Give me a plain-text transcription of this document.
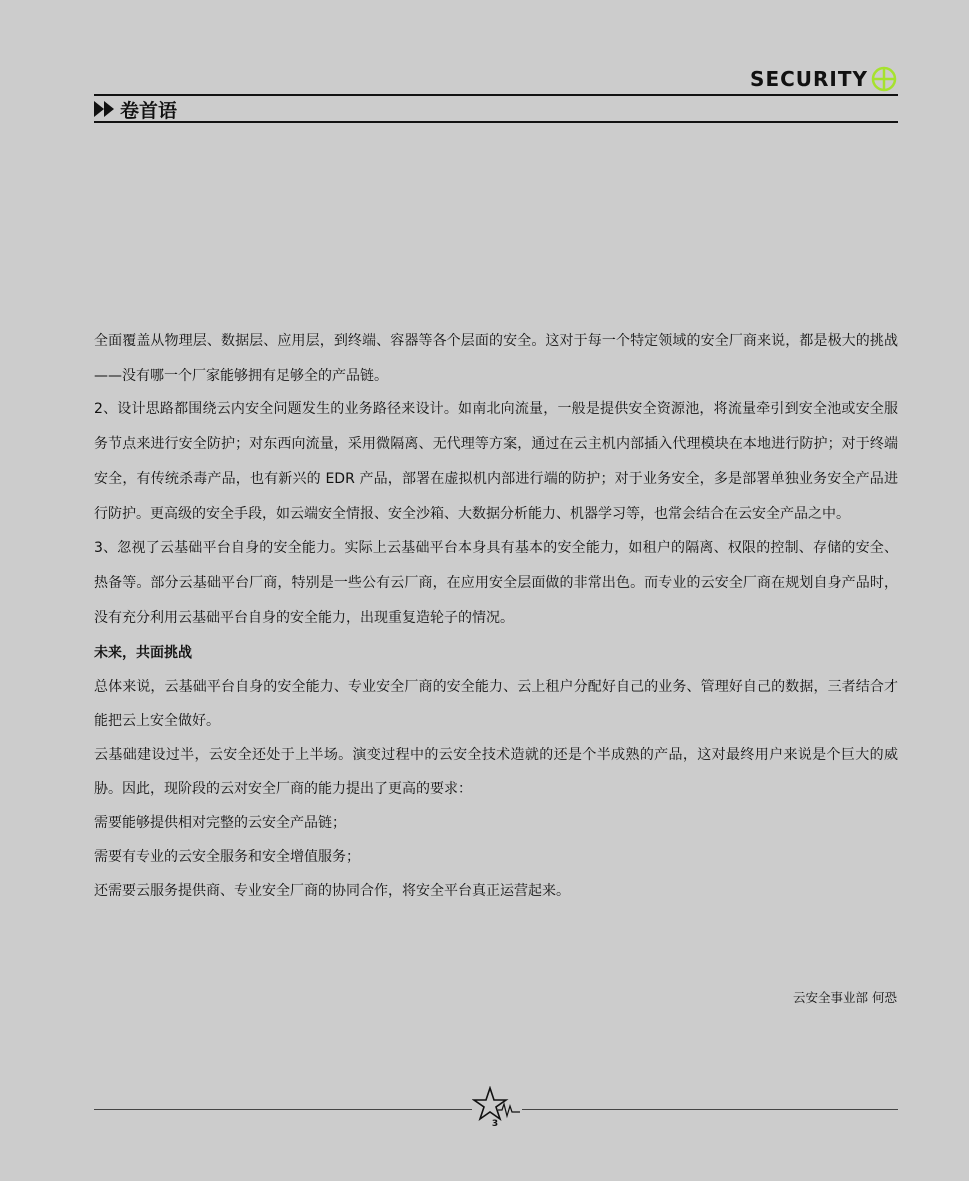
SECURITY
卷首语

全面覆盖从物理层、数据层、应用层，到终端、容器等各个层面的安全。这对于每一个特定领域的安全厂商来说，都是极大的挑战——没有哪一个厂家能够拥有足够全的产品链。

2、设计思路都围绕云内安全问题发生的业务路径来设计。如南北向流量，一般是提供安全资源池，将流量牵引到安全池或安全服务节点来进行安全防护；对东西向流量，采用微隔离、无代理等方案，通过在云主机内部插入代理模块在本地进行防护；对于终端安全，有传统杀毒产品，也有新兴的 EDR 产品，部署在虚拟机内部进行端的防护；对于业务安全，多是部署单独业务安全产品进行防护。更高级的安全手段，如云端安全情报、安全沙箱、大数据分析能力、机器学习等，也常会结合在云安全产品之中。

3、忽视了云基础平台自身的安全能力。实际上云基础平台本身具有基本的安全能力，如租户的隔离、权限的控制、存储的安全、热备等。部分云基础平台厂商，特别是一些公有云厂商，在应用安全层面做的非常出色。而专业的云安全厂商在规划自身产品时，没有充分利用云基础平台自身的安全能力，出现重复造轮子的情况。

未来，共面挑战

总体来说，云基础平台自身的安全能力、专业安全厂商的安全能力、云上租户分配好自己的业务、管理好自己的数据，三者结合才能把云上安全做好。

云基础建设过半，云安全还处于上半场。演变过程中的云安全技术造就的还是个半成熟的产品，这对最终用户来说是个巨大的威胁。因此，现阶段的云对安全厂商的能力提出了更高的要求：

需要能够提供相对完整的云安全产品链；

需要有专业的云安全服务和安全增值服务；

还需要云服务提供商、专业安全厂商的协同合作，将安全平台真正运营起来。

云安全事业部 何恐
3
